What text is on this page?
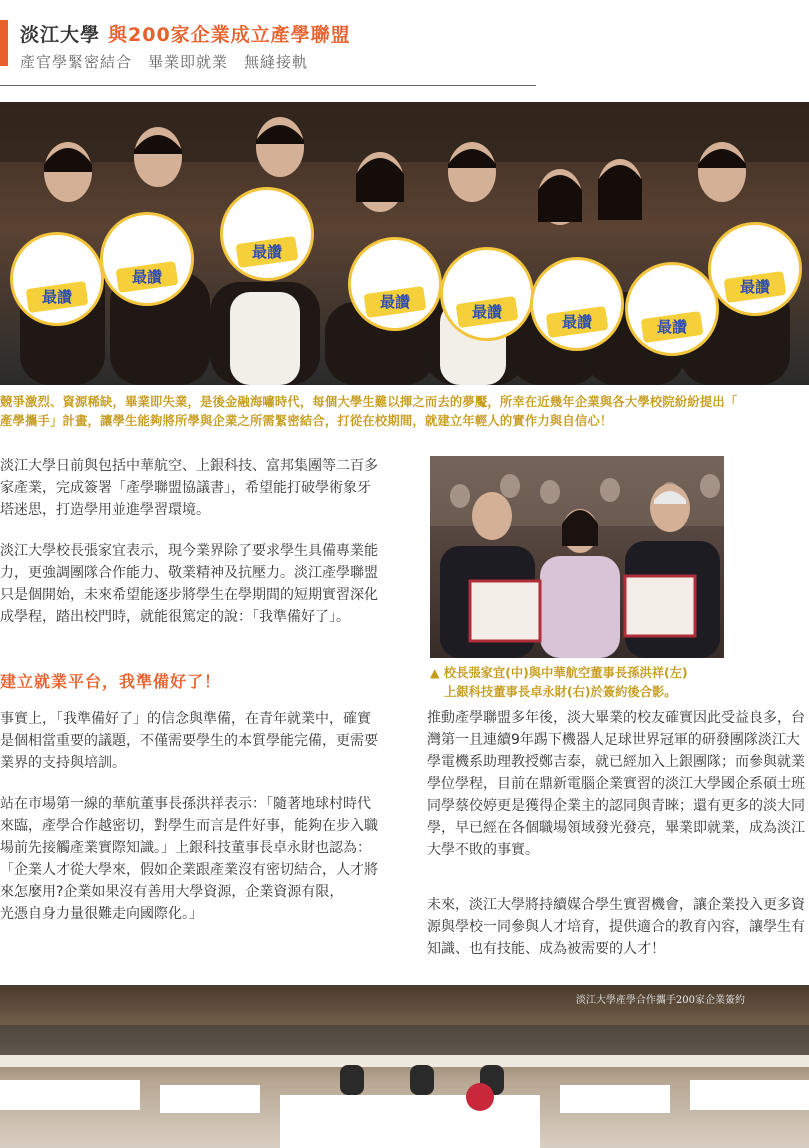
淡江大學 與200家企業成立產學聯盟
產官學緊密結合　畢業即就業　無縫接軌
最讚
最讚
最讚
最讚
最讚
最讚	最讚
最讚
競爭激烈、資源稀缺，畢業即失業，是後金融海嘯時代，每個大學生難以揮之而去的夢魘，所幸在近幾年企業與各大學校院紛紛提出「
產學攜手」計畫，讓學生能夠將所學與企業之所需緊密結合，打從在校期間，就建立年輕人的實作力與自信心！

淡江大學日前與包括中華航空、上銀科技、富邦集團等二百多家產業，完成簽署「產學聯盟協議書」，希望能打破學術象牙塔迷思，打造學用並進學習環境。

淡江大學校長張家宜表示，現今業界除了要求學生具備專業能力，更強調團隊合作能力、敬業精神及抗壓力。淡江產學聯盟只是個開始，未來希望能逐步將學生在學期間的短期實習深化成學程，踏出校門時，就能很篤定的說：「我準備好了」。

建立就業平台，我準備好了！

事實上，「我準備好了」的信念與準備，在青年就業中，確實是個相當重要的議題，不僅需要學生的本質學能完備，更需要業界的支持與培訓。

站在市場第一線的華航董事長孫洪祥表示：「隨著地球村時代來臨，產學合作越密切，對學生而言是件好事，能夠在步入職場前先接觸產業實際知識。」上銀科技董事長卓永財也認為：「企業人才從大學來，假如企業跟產業沒有密切結合，人才將來怎麼用?企業如果沒有善用大學資源，企業資源有限，
光憑自身力量很難走向國際化。」
▲ 校長張家宜(中)與中華航空董事長孫洪祥(左)
上銀科技董事長卓永財(右)於簽約後合影。

推動產學聯盟多年後，淡大畢業的校友確實因此受益良多，台灣第一且連續9年踢下機器人足球世界冠軍的研發團隊淡江大學電機系助理教授鄭吉泰，就已經加入上銀團隊；而參與就業學位學程，目前在鼎新電腦企業實習的淡江大學國企系碩士班同學蔡佼婷更是獲得企業主的認同與青睞；還有更多的淡大同學，早已經在各個職場領域發光發亮，畢業即就業，成為淡江大學不敗的事實。

未來，淡江大學將持續媒合學生實習機會，讓企業投入更多資源與學校一同參與人才培育，提供適合的教育內容，讓學生有知識、也有技能、成為被需要的人才！

淡江大學產學合作攜手200家企業簽約
